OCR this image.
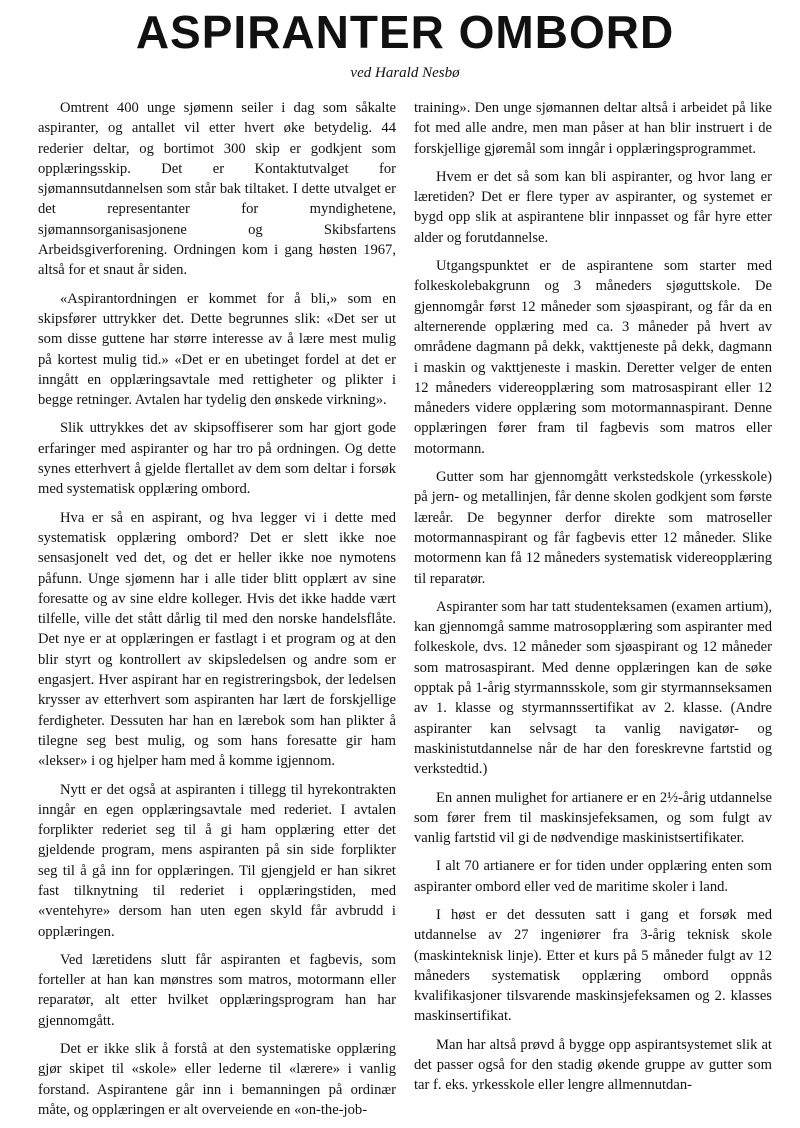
ASPIRANTER OMBORD
ved Harald Nesbø

Omtrent 400 unge sjømenn seiler i dag som såkalte aspiranter, og antallet vil etter hvert øke betydelig. 44 rederier deltar, og bortimot 300 skip er godkjent som opplæringsskip. Det er Kontaktutvalget for sjømannsutdannelsen som står bak tiltaket. I dette utvalget er det representanter for myndighetene, sjømannsorganisasjonene og Skibsfartens Arbeidsgiverforening. Ordningen kom i gang høsten 1967, altså for et snaut år siden.

«Aspirantordningen er kommet for å bli,» som en skipsfører uttrykker det. Dette begrunnes slik: «Det ser ut som disse guttene har større interesse av å lære mest mulig på kortest mulig tid.» «Det er en ubetinget fordel at det er inngått en opplæringsavtale med rettigheter og plikter i begge retninger. Avtalen har tydelig den ønskede virkning».

Slik uttrykkes det av skipsoffiserer som har gjort gode erfaringer med aspiranter og har tro på ordningen. Og dette synes etterhvert å gjelde flertallet av dem som deltar i forsøk med systematisk opplæring ombord.

Hva er så en aspirant, og hva legger vi i dette med systematisk opplæring ombord? Det er slett ikke noe sensasjonelt ved det, og det er heller ikke noe nymotens påfunn. Unge sjømenn har i alle tider blitt opplært av sine foresatte og av sine eldre kolleger. Hvis det ikke hadde vært tilfelle, ville det stått dårlig til med den norske handelsflåte. Det nye er at opplæringen er fastlagt i et program og at den blir styrt og kontrollert av skipsledelsen og andre som er engasjert. Hver aspirant har en registreringsbok, der ledelsen krysser av etterhvert som aspiranten har lært de forskjellige ferdigheter. Dessuten har han en lærebok som han plikter å tilegne seg best mulig, og som hans foresatte gir ham «lekser» i og hjelper ham med å komme igjennom.

Nytt er det også at aspiranten i tillegg til hyrekontrakten inngår en egen opplæringsavtale med rederiet. I avtalen forplikter rederiet seg til å gi ham opplæring etter det gjeldende program, mens aspiranten på sin side forplikter seg til å gå inn for opplæringen. Til gjengjeld er han sikret fast tilknytning til rederiet i opplæringstiden, med «ventehyre» dersom han uten egen skyld får avbrudd i opplæringen.

Ved læretidens slutt får aspiranten et fagbevis, som forteller at han kan mønstres som matros, motormann eller reparatør, alt etter hvilket opplæringsprogram han har gjennomgått.

Det er ikke slik å forstå at den systematiske opplæring gjør skipet til «skole» eller lederne til «lærere» i vanlig forstand. Aspirantene går inn i bemanningen på ordinær måte, og opplæringen er alt overveiende en «on-the-job-

training». Den unge sjømannen deltar altså i arbeidet på like fot med alle andre, men man påser at han blir instruert i de forskjellige gjøremål som inngår i opplæringsprogrammet.

Hvem er det så som kan bli aspiranter, og hvor lang er læretiden? Det er flere typer av aspiranter, og systemet er bygd opp slik at aspirantene blir innpasset og får hyre etter alder og forutdannelse.

Utgangspunktet er de aspirantene som starter med folkeskolebakgrunn og 3 måneders sjøguttskole. De gjennomgår først 12 måneder som sjøaspirant, og får da en alternerende opplæring med ca. 3 måneder på hvert av områdene dagmann på dekk, vakttjeneste på dekk, dagmann i maskin og vakttjeneste i maskin. Deretter velger de enten 12 måneders videreopplæring som matrosaspirant eller 12 måneders videre opplæring som motormannaspirant. Denne opplæringen fører fram til fagbevis som matros eller motormann.

Gutter som har gjennomgått verkstedskole (yrkesskole) på jern- og metallinjen, får denne skolen godkjent som første læreår. De begynner derfor direkte som matroseller motormannaspirant og får fagbevis etter 12 måneder. Slike motormenn kan få 12 måneders systematisk videreopplæring til reparatør.

Aspiranter som har tatt studenteksamen (examen artium), kan gjennomgå samme matrosopplæring som aspiranter med folkeskole, dvs. 12 måneder som sjøaspirant og 12 måneder som matrosaspirant. Med denne opplæringen kan de søke opptak på 1-årig styrmannsskole, som gir styrmannseksamen av 1. klasse og styrmannssertifikat av 2. klasse. (Andre aspiranter kan selvsagt ta vanlig navigatør- og maskinistutdannelse når de har den foreskrevne fartstid og verkstedtid.)

En annen mulighet for artianere er en 2½-årig utdannelse som fører frem til maskinsjefeksamen, og som fulgt av vanlig fartstid vil gi de nødvendige maskinistsertifikater.

I alt 70 artianere er for tiden under opplæring enten som aspiranter ombord eller ved de maritime skoler i land.

I høst er det dessuten satt i gang et forsøk med utdannelse av 27 ingeniører fra 3-årig teknisk skole (maskinteknisk linje). Etter et kurs på 5 måneder fulgt av 12 måneders systematisk opplæring ombord oppnås kvalifikasjoner tilsvarende maskinsjefeksamen og 2. klasses maskinsertifikat.

Man har altså prøvd å bygge opp aspirantsystemet slik at det passer også for den stadig økende gruppe av gutter som tar f. eks. yrkesskole eller lengre allmennutdan-
